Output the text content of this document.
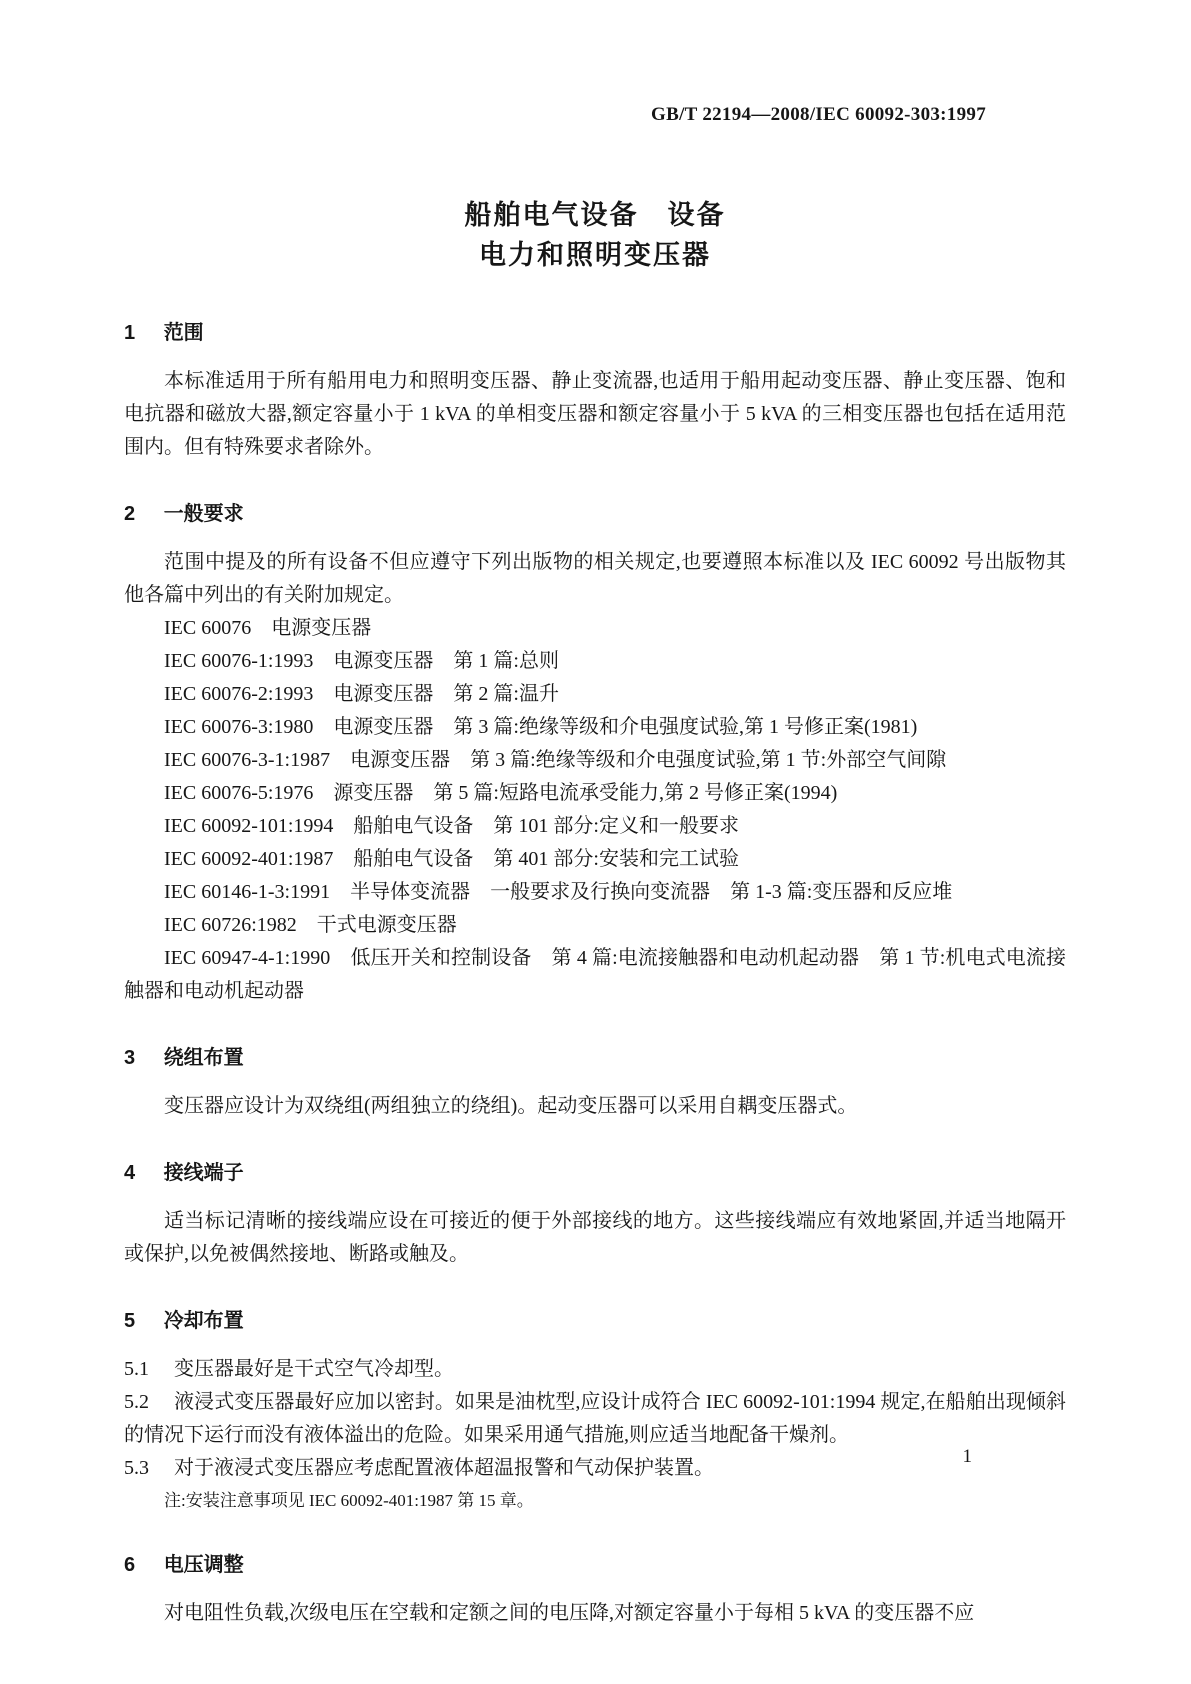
GB/T 22194—2008/IEC 60092-303:1997
船舶电气设备　设备
电力和照明变压器
1 范围

本标准适用于所有船用电力和照明变压器、静止变流器,也适用于船用起动变压器、静止变压器、饱和电抗器和磁放大器,额定容量小于 1 kVA 的单相变压器和额定容量小于 5 kVA 的三相变压器也包括在适用范围内。但有特殊要求者除外。

2 一般要求

范围中提及的所有设备不但应遵守下列出版物的相关规定,也要遵照本标准以及 IEC 60092 号出版物其他各篇中列出的有关附加规定。

IEC 60076　电源变压器

IEC 60076-1:1993　电源变压器　第 1 篇:总则

IEC 60076-2:1993　电源变压器　第 2 篇:温升

IEC 60076-3:1980　电源变压器　第 3 篇:绝缘等级和介电强度试验,第 1 号修正案(1981)

IEC 60076-3-1:1987　电源变压器　第 3 篇:绝缘等级和介电强度试验,第 1 节:外部空气间隙

IEC 60076-5:1976　源变压器　第 5 篇:短路电流承受能力,第 2 号修正案(1994)

IEC 60092-101:1994　船舶电气设备　第 101 部分:定义和一般要求

IEC 60092-401:1987　船舶电气设备　第 401 部分:安装和完工试验

IEC 60146-1-3:1991　半导体变流器　一般要求及行换向变流器　第 1-3 篇:变压器和反应堆

IEC 60726:1982　干式电源变压器

IEC 60947-4-1:1990　低压开关和控制设备　第 4 篇:电流接触器和电动机起动器　第 1 节:机电式电流接触器和电动机起动器

3 绕组布置

变压器应设计为双绕组(两组独立的绕组)。起动变压器可以采用自耦变压器式。

4 接线端子

适当标记清晰的接线端应设在可接近的便于外部接线的地方。这些接线端应有效地紧固,并适当地隔开或保护,以免被偶然接地、断路或触及。

5 冷却布置

5.1 变压器最好是干式空气冷却型。

5.2 液浸式变压器最好应加以密封。如果是油枕型,应设计成符合 IEC 60092-101:1994 规定,在船舶出现倾斜的情况下运行而没有液体溢出的危险。如果采用通气措施,则应适当地配备干燥剂。

5.3 对于液浸式变压器应考虑配置液体超温报警和气动保护装置。

注:安装注意事项见 IEC 60092-401:1987 第 15 章。

6 电压调整

对电阻性负载,次级电压在空载和定额之间的电压降,对额定容量小于每相 5 kVA 的变压器不应

1
